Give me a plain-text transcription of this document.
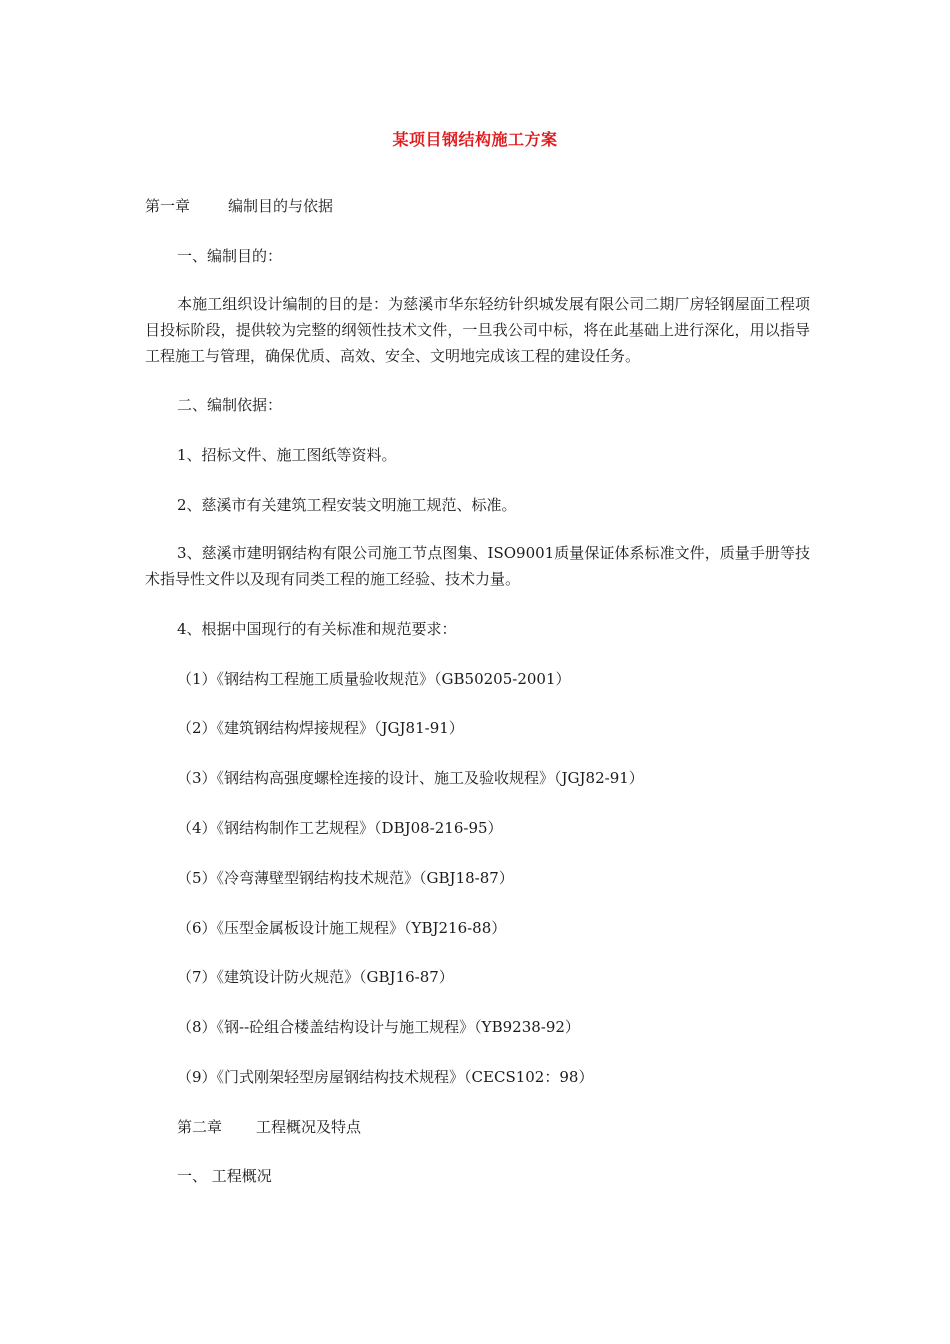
某项目钢结构施工方案
第一章	编制目的与依据
一、编制目的：
本施工组织设计编制的目的是：为慈溪市华东轻纺针织城发展有限公司二期厂房轻钢屋面工程项目投标阶段，提供较为完整的纲领性技术文件，一旦我公司中标，将在此基础上进行深化，用以指导工程施工与管理，确保优质、高效、安全、文明地完成该工程的建设任务。
二、编制依据：
1、招标文件、施工图纸等资料。
2、慈溪市有关建筑工程安装文明施工规范、标准。
3、慈溪市建明钢结构有限公司施工节点图集、ISO9001质量保证体系标准文件，质量手册等技术指导性文件以及现有同类工程的施工经验、技术力量。
4、根据中国现行的有关标准和规范要求：
（1）《钢结构工程施工质量验收规范》（GB50205-2001）
（2）《建筑钢结构焊接规程》（JGJ81-91）
（3）《钢结构高强度螺栓连接的设计、施工及验收规程》（JGJ82-91）
（4）《钢结构制作工艺规程》（DBJ08-216-95）
（5）《冷弯薄壁型钢结构技术规范》（GBJ18-87）
（6）《压型金属板设计施工规程》（YBJ216-88）
（7）《建筑设计防火规范》（GBJ16-87）
（8）《钢--砼组合楼盖结构设计与施工规程》（YB9238-92）
（9）《门式刚架轻型房屋钢结构技术规程》（CECS102：98）
第二章 工程概况及特点
一、 工程概况
